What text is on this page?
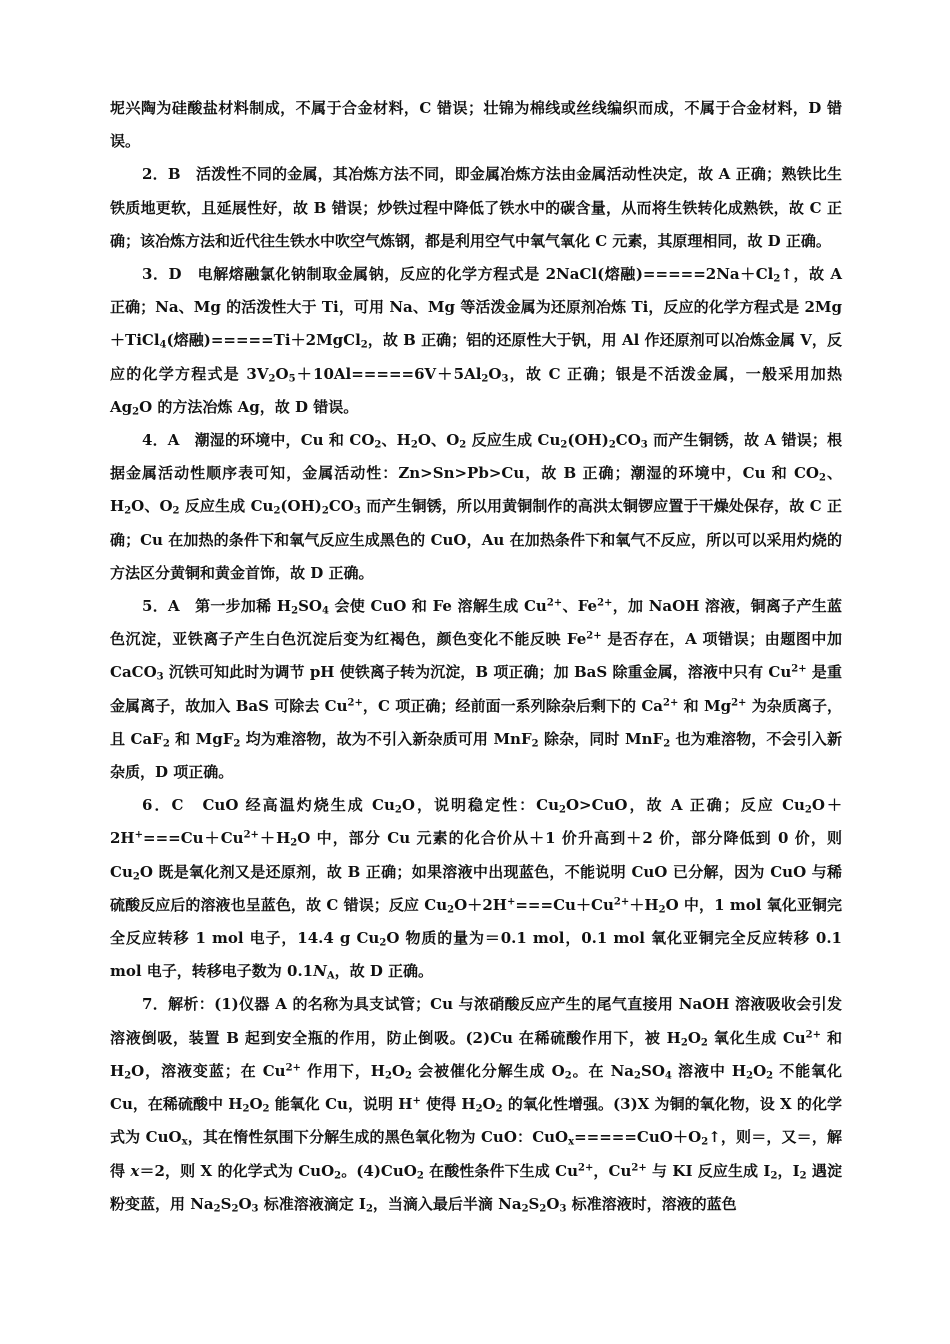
坭兴陶为硅酸盐材料制成，不属于合金材料，C 错误；壮锦为棉线或丝线编织而成，不属于合金材料，D 错误。

2．B　活泼性不同的金属，其冶炼方法不同，即金属冶炼方法由金属活动性决定，故 A 正确；熟铁比生铁质地更软，且延展性好，故 B 错误；炒铁过程中降低了铁水中的碳含量，从而将生铁转化成熟铁，故 C 正确；该冶炼方法和近代往生铁水中吹空气炼钢，都是利用空气中氧气氧化 C 元素，其原理相同，故 D 正确。

3．D　电解熔融氯化钠制取金属钠，反应的化学方程式是 2NaCl(熔融)$=====2Na+Cl_2↑$，故 A 正确；Na、Mg 的活泼性大于 Ti，可用 Na、Mg 等活泼金属为还原剂冶炼 Ti，反应的化学方程式是 2Mg＋TiCl$_4$(熔融)=====Ti＋2MgCl$_2$，故 B 正确；铝的还原性大于钒，用 Al 作还原剂可以冶炼金属 V，反应的化学方程式是 $3V_2O_5+10Al=====6V+5Al_2O_3$，故 C 正确；银是不活泼金属，一般采用加热 $Ag_2O$ 的方法冶炼 Ag，故 D 错误。

4．A　潮湿的环境中，Cu 和 $CO_2$、$H_2O$、$O_2$ 反应生成 $Cu_2(OH)_2CO_3$ 而产生铜锈，故 A 错误；根据金属活动性顺序表可知，金属活动性：Zn>Sn>Pb>Cu，故 B 正确；潮湿的环境中，Cu 和 $CO_2$、$H_2O$、$O_2$ 反应生成 $Cu_2(OH)_2CO_3$ 而产生铜锈，所以用黄铜制作的高洪太铜锣应置于干燥处保存，故 C 正确；Cu 在加热的条件下和氧气反应生成黑色的 CuO，Au 在加热条件下和氧气不反应，所以可以采用灼烧的方法区分黄铜和黄金首饰，故 D 正确。

5．A　第一步加稀 $H_2SO_4$ 会使 CuO 和 Fe 溶解生成 $Cu^{2+}$、$Fe^{2+}$，加 NaOH 溶液，铜离子产生蓝色沉淀，亚铁离子产生白色沉淀后变为红褐色，颜色变化不能反映 $Fe^{2+}$ 是否存在，A 项错误；由题图中加 CaCO$_3$ 沉铁可知此时为调节 pH 使铁离子转为沉淀，B 项正确；加 BaS 除重金属，溶液中只有 $Cu^{2+}$ 是重金属离子，故加入 BaS 可除去 $Cu^{2+}$，C 项正确；经前面一系列除杂后剩下的 $Ca^{2+}$ 和 $Mg^{2+}$ 为杂质离子，且 CaF$_2$ 和 MgF$_2$ 均为难溶物，故为不引入新杂质可用 MnF$_2$ 除杂，同时 MnF$_2$ 也为难溶物，不会引入新杂质，D 项正确。

6．C　CuO 经高温灼烧生成 $Cu_2O$，说明稳定性：$Cu_2O>CuO$，故 A 正确；反应 $Cu_2O+2H^+===Cu+Cu^{2+}+H_2O$ 中，部分 Cu 元素的化合价从＋1 价升高到＋2 价，部分降低到 0 价，则 $Cu_2O$ 既是氧化剂又是还原剂，故 B 正确；如果溶液中出现蓝色，不能说明 CuO 已分解，因为 CuO 与稀硫酸反应后的溶液也呈蓝色，故 C 错误；反应 $Cu_2O+2H^+===Cu+Cu^{2+}+H_2O$ 中，1 mol 氧化亚铜完全反应转移 1 mol 电子，14.4 g $Cu_2O$ 物质的量为＝0.1 mol，0.1 mol 氧化亚铜完全反应转移 0.1 mol 电子，转移电子数为 $0.1N_A$，故 D 正确。

7．解析：(1)仪器 A 的名称为具支试管；Cu 与浓硝酸反应产生的尾气直接用 NaOH 溶液吸收会引发溶液倒吸，装置 B 起到安全瓶的作用，防止倒吸。(2)Cu 在稀硫酸作用下，被 $H_2O_2$ 氧化生成 $Cu^{2+}$ 和 $H_2O$，溶液变蓝；在 $Cu^{2+}$ 作用下，$H_2O_2$ 会被催化分解生成 $O_2$。在 $Na_2SO_4$ 溶液中 $H_2O_2$ 不能氧化 Cu，在稀硫酸中 $H_2O_2$ 能氧化 Cu，说明 H+ 使得 $H_2O_2$ 的氧化性增强。(3)X 为铜的氧化物，设 X 的化学式为 CuO$_x$，其在惰性氛围下分解生成的黑色氧化物为 CuO：$CuO_x=====CuO+O_2↑$，则＝，又＝，解得 x＝2，则 X 的化学式为 CuO$_2$。(4)CuO$_2$ 在酸性条件下生成 $Cu^{2+}$，$Cu^{2+}$ 与 KI 反应生成 $I_2$，$I_2$ 遇淀粉变蓝，用 $Na_2S_2O_3$ 标准溶液滴定 $I_2$，当滴入最后半滴 $Na_2S_2O_3$ 标准溶液时，溶液的蓝色
